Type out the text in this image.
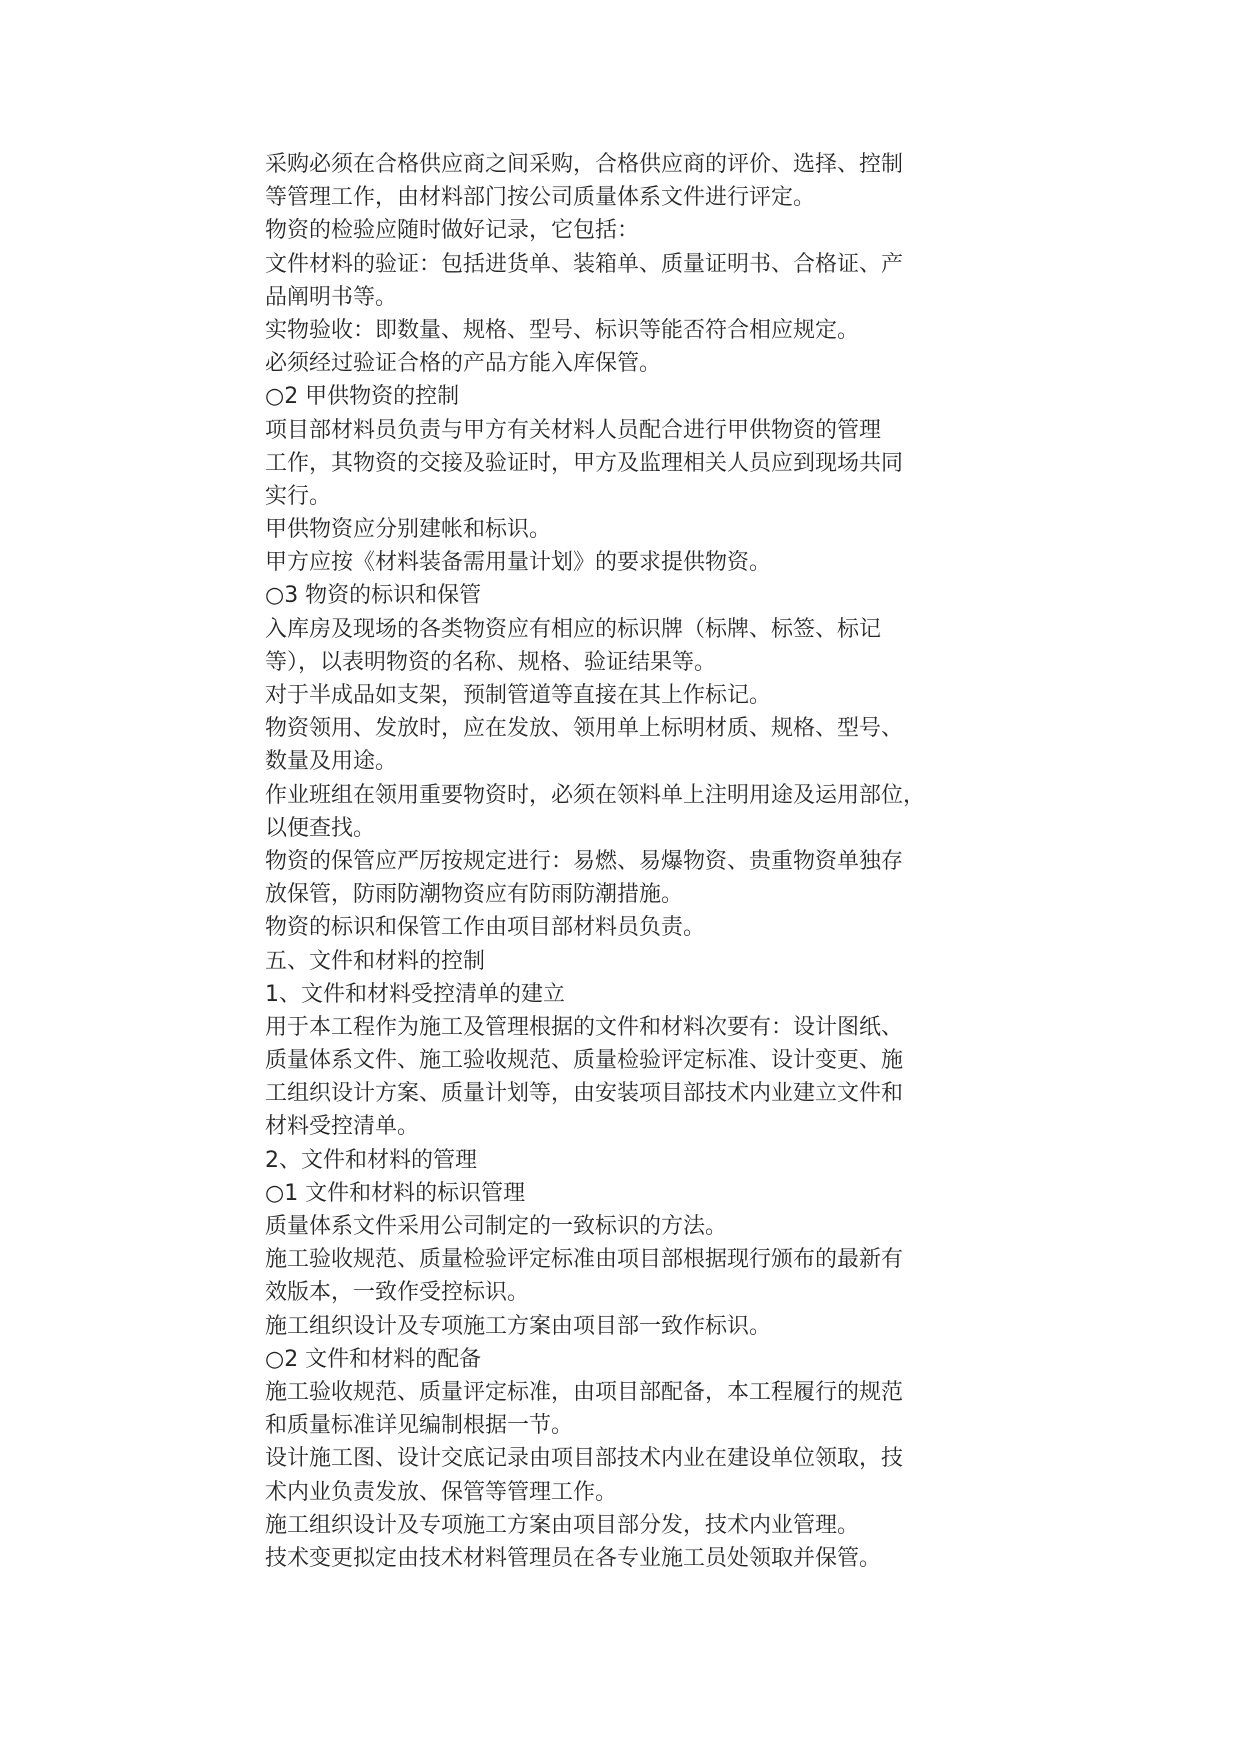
采购必须在合格供应商之间采购，合格供应商的评价、选择、控制
等管理工作，由材料部门按公司质量体系文件进行评定。
物资的检验应随时做好记录，它包括：
文件材料的验证：包括进货单、装箱单、质量证明书、合格证、产
品阐明书等。
实物验收：即数量、规格、型号、标识等能否符合相应规定。
必须经过验证合格的产品方能入库保管。
○2 甲供物资的控制
项目部材料员负责与甲方有关材料人员配合进行甲供物资的管理
工作，其物资的交接及验证时，甲方及监理相关人员应到现场共同
实行。
甲供物资应分别建帐和标识。
甲方应按《材料装备需用量计划》的要求提供物资。
○3 物资的标识和保管
入库房及现场的各类物资应有相应的标识牌（标牌、标签、标记
等），以表明物资的名称、规格、验证结果等。
对于半成品如支架，预制管道等直接在其上作标记。
物资领用、发放时，应在发放、领用单上标明材质、规格、型号、
数量及用途。
作业班组在领用重要物资时，必须在领料单上注明用途及运用部位，
以便查找。
物资的保管应严厉按规定进行：易燃、易爆物资、贵重物资单独存
放保管，防雨防潮物资应有防雨防潮措施。
物资的标识和保管工作由项目部材料员负责。
五、文件和材料的控制
1、文件和材料受控清单的建立
用于本工程作为施工及管理根据的文件和材料次要有：设计图纸、
质量体系文件、施工验收规范、质量检验评定标准、设计变更、施
工组织设计方案、质量计划等，由安装项目部技术内业建立文件和
材料受控清单。
2、文件和材料的管理
○1 文件和材料的标识管理
质量体系文件采用公司制定的一致标识的方法。
施工验收规范、质量检验评定标准由项目部根据现行颁布的最新有
效版本，一致作受控标识。
施工组织设计及专项施工方案由项目部一致作标识。
○2 文件和材料的配备
施工验收规范、质量评定标准，由项目部配备，本工程履行的规范
和质量标准详见编制根据一节。
设计施工图、设计交底记录由项目部技术内业在建设单位领取，技
术内业负责发放、保管等管理工作。
施工组织设计及专项施工方案由项目部分发，技术内业管理。
技术变更拟定由技术材料管理员在各专业施工员处领取并保管。
